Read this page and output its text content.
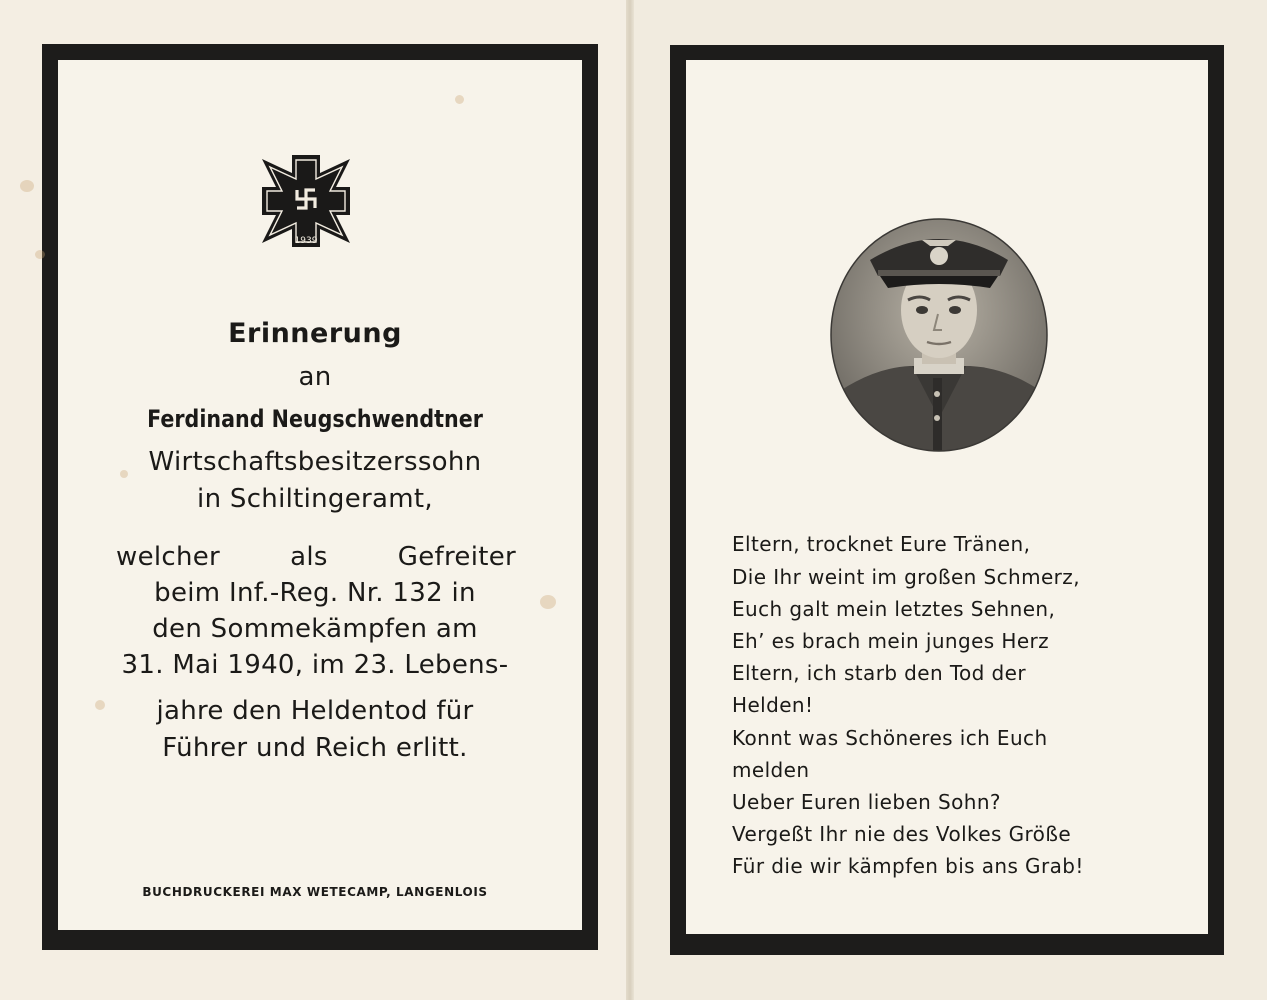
1939
Erinnerung
an
Ferdinand Neugschwendtner
Wirtschaftsbesitzerssohn
in Schiltingeramt,
welcher	als	Gefreiter
beim Inf.-Reg. Nr. 132 in
den Sommekämpfen am
31. Mai 1940, im 23. Lebens-
jahre den Heldentod für
Führer und Reich erlitt.
BUCHDRUCKEREI MAX WETECAMP, LANGENLOIS
Eltern, trocknet Eure Tränen,
Die Ihr weint im großen Schmerz,
Euch galt mein letztes Sehnen,
Eh’ es brach mein junges Herz
Eltern, ich starb den Tod der
Helden!
Konnt was Schöneres ich Euch
melden
Ueber Euren lieben Sohn?
Vergeßt Ihr nie des Volkes Größe
Für die wir kämpfen bis ans Grab!
